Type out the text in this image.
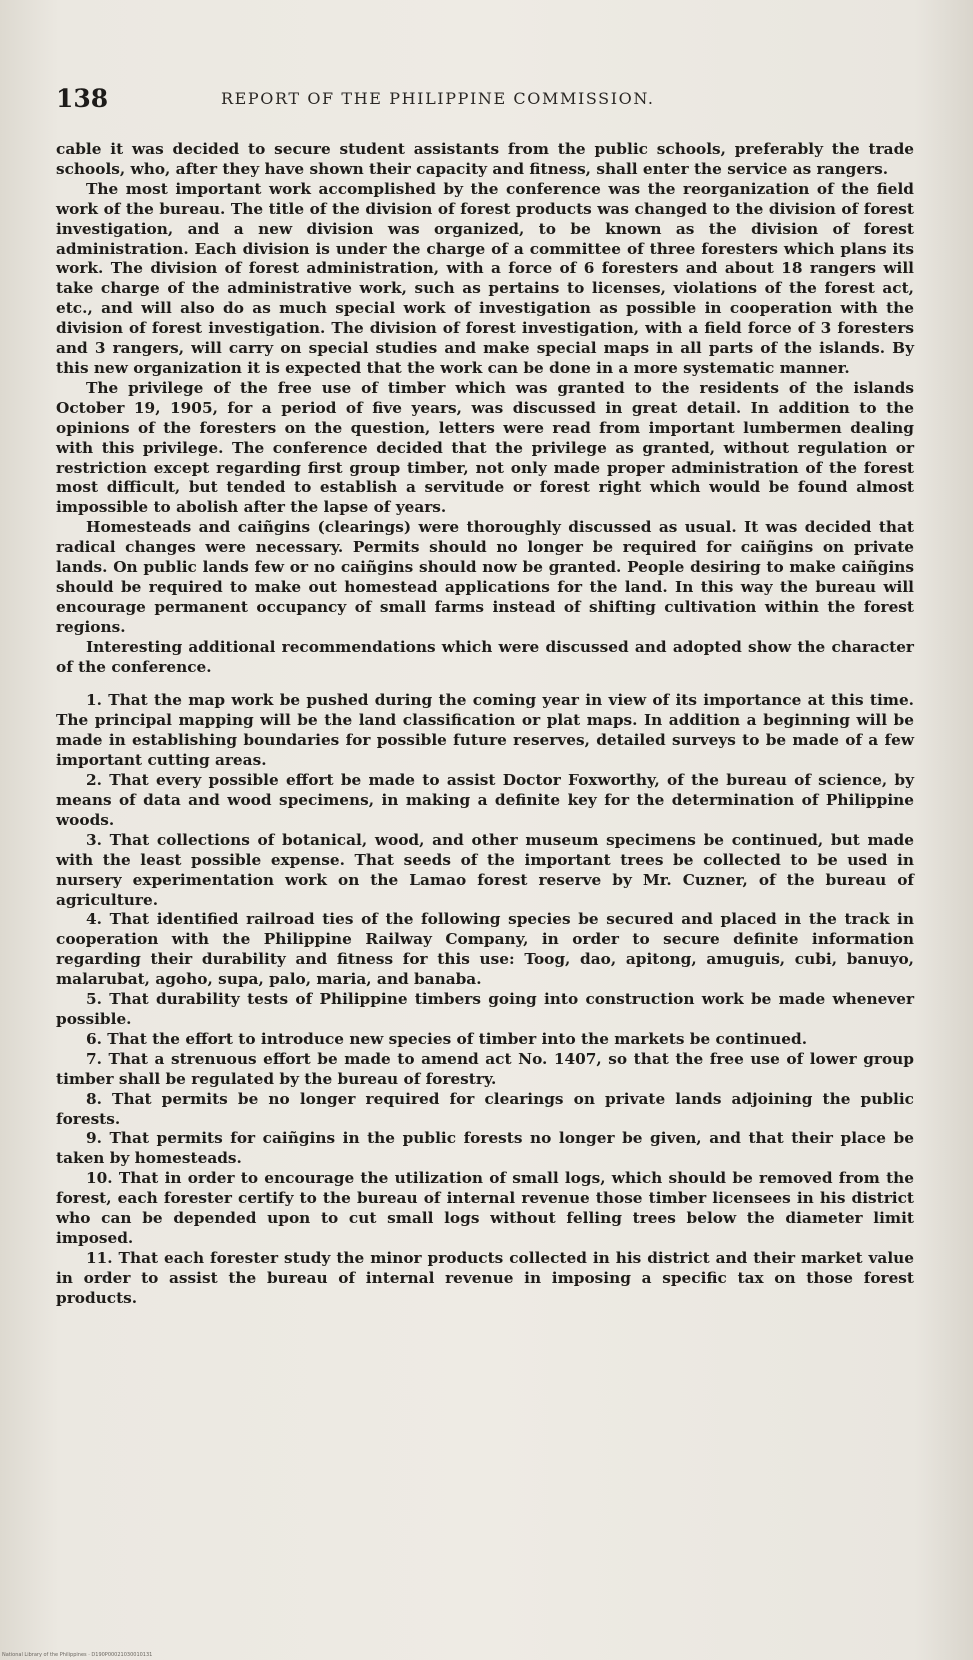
138	REPORT OF THE PHILIPPINE COMMISSION.

cable it was decided to secure student assistants from the public schools, preferably the trade schools, who, after they have shown their capacity and fitness, shall enter the service as rangers.

The most important work accomplished by the conference was the reorganization of the field work of the bureau. The title of the division of forest products was changed to the division of forest investigation, and a new division was organized, to be known as the division of forest administration. Each division is under the charge of a committee of three foresters which plans its work. The division of forest administration, with a force of 6 foresters and about 18 rangers will take charge of the administrative work, such as pertains to licenses, violations of the forest act, etc., and will also do as much special work of investigation as possible in cooperation with the division of forest investigation. The division of forest investigation, with a field force of 3 foresters and 3 rangers, will carry on special studies and make special maps in all parts of the islands. By this new organization it is expected that the work can be done in a more systematic manner.

The privilege of the free use of timber which was granted to the residents of the islands October 19, 1905, for a period of five years, was discussed in great detail. In addition to the opinions of the foresters on the question, letters were read from important lumbermen dealing with this privilege. The conference decided that the privilege as granted, without regulation or restriction except regarding first group timber, not only made proper administration of the forest most difficult, but tended to establish a servitude or forest right which would be found almost impossible to abolish after the lapse of years.

Homesteads and caiñgins (clearings) were thoroughly discussed as usual. It was decided that radical changes were necessary. Permits should no longer be required for caiñgins on private lands. On public lands few or no caiñgins should now be granted. People desiring to make caiñgins should be required to make out homestead applications for the land. In this way the bureau will encourage permanent occupancy of small farms instead of shifting cultivation within the forest regions.

Interesting additional recommendations which were discussed and adopted show the character of the conference.

1. That the map work be pushed during the coming year in view of its importance at this time. The principal mapping will be the land classification or plat maps. In addition a beginning will be made in establishing boundaries for possible future reserves, detailed surveys to be made of a few important cutting areas.

2. That every possible effort be made to assist Doctor Foxworthy, of the bureau of science, by means of data and wood specimens, in making a definite key for the determination of Philippine woods.

3. That collections of botanical, wood, and other museum specimens be continued, but made with the least possible expense. That seeds of the important trees be collected to be used in nursery experimentation work on the Lamao forest reserve by Mr. Cuzner, of the bureau of agriculture.

4. That identified railroad ties of the following species be secured and placed in the track in cooperation with the Philippine Railway Company, in order to secure definite information regarding their durability and fitness for this use: Toog, dao, apitong, amuguis, cubi, banuyo, malarubat, agoho, supa, palo, maria, and banaba.

5. That durability tests of Philippine timbers going into construction work be made whenever possible.

6. That the effort to introduce new species of timber into the markets be continued.

7. That a strenuous effort be made to amend act No. 1407, so that the free use of lower group timber shall be regulated by the bureau of forestry.

8. That permits be no longer required for clearings on private lands adjoining the public forests.

9. That permits for caiñgins in the public forests no longer be given, and that their place be taken by homesteads.

10. That in order to encourage the utilization of small logs, which should be removed from the forest, each forester certify to the bureau of internal revenue those timber licensees in his district who can be depended upon to cut small logs without felling trees below the diameter limit imposed.

11. That each forester study the minor products collected in his district and their market value in order to assist the bureau of internal revenue in imposing a specific tax on those forest products.

National Library of the Philippines · D190P00021030010131
